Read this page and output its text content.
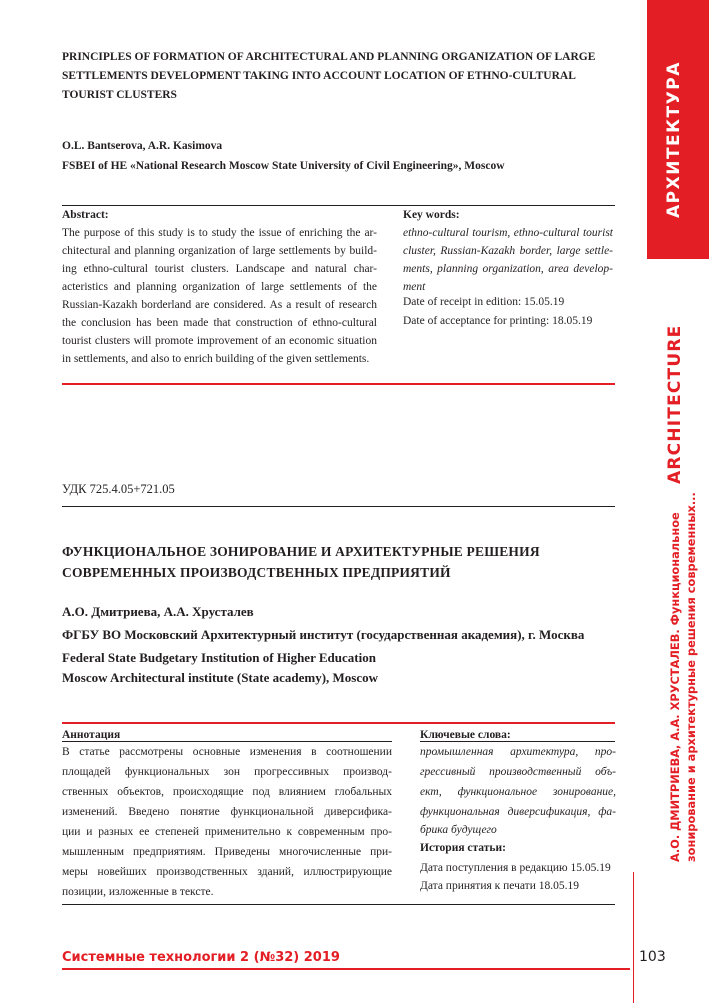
АРХИТЕКТУРА
ARCHITECTURE
А.О. ДМИТРИЕВА, А.А. ХРУСТАЛЕВ. Функциональное зонирование и архитектурные решения современных...
103
PRINCIPLES OF FORMATION OF ARCHITECTURAL AND PLANNING ORGANIZATION OF LARGE
SETTLEMENTS DEVELOPMENT TAKING INTO ACCOUNT LOCATION OF ETHNO-CULTURAL
TOURIST CLUSTERS
O.L. Bantserova, A.R. Kasimova
FSBEI of HE «National Research Moscow State University of Civil Engineering», Moscow
Abstract:
The purpose of this study is to study the issue of enriching the ar-
chitectural and planning organization of large settlements by build-
ing ethno-cultural tourist clusters. Landscape and natural char-
acteristics and planning organization of large settlements of the
Russian-Kazakh borderland are considered. As a result of research
the conclusion has been made that construction of ethno-cultural
tourist clusters will promote improvement of an economic situation
in settlements, and also to enrich building of the given settlements.
Key words:
ethno-cultural tourism, ethno-cultural tourist
cluster, Russian-Kazakh border, large settle-
ments, planning organization, area develop-
ment
Date of receipt in edition: 15.05.19
Date of acceptance for printing: 18.05.19
УДК 725.4.05+721.05
ФУНКЦИОНАЛЬНОЕ ЗОНИРОВАНИЕ И АРХИТЕКТУРНЫЕ РЕШЕНИЯ
СОВРЕМЕННЫХ ПРОИЗВОДСТВЕННЫХ ПРЕДПРИЯТИЙ
А.О. Дмитриева, А.А. Хрусталев
ФГБУ ВО Московский Архитектурный институт (государственная академия), г. Москва
Federal State Budgetary Institution of Higher Education
Moscow Architectural institute (State academy), Moscow
Аннотация
В статье рассмотрены основные изменения в соотношении
площадей функциональных зон прогрессивных производ-
ственных объектов, происходящие под влиянием глобальных
изменений. Введено понятие функциональной диверсифика-
ции и разных ее степеней применительно к современным про-
мышленным предприятиям. Приведены многочисленные при-
меры новейших производственных зданий, иллюстрирующие
позиции, изложенные в тексте.
Ключевые слова:
промышленная архитектура, про-
грессивный производственный объ-
ект, функциональное зонирование,
функциональная диверсификация, фа-
брика будущего
История статьи:
Дата поступления в редакцию 15.05.19
Дата принятия к печати 18.05.19
Системные технологии 2 (№32) 2019
